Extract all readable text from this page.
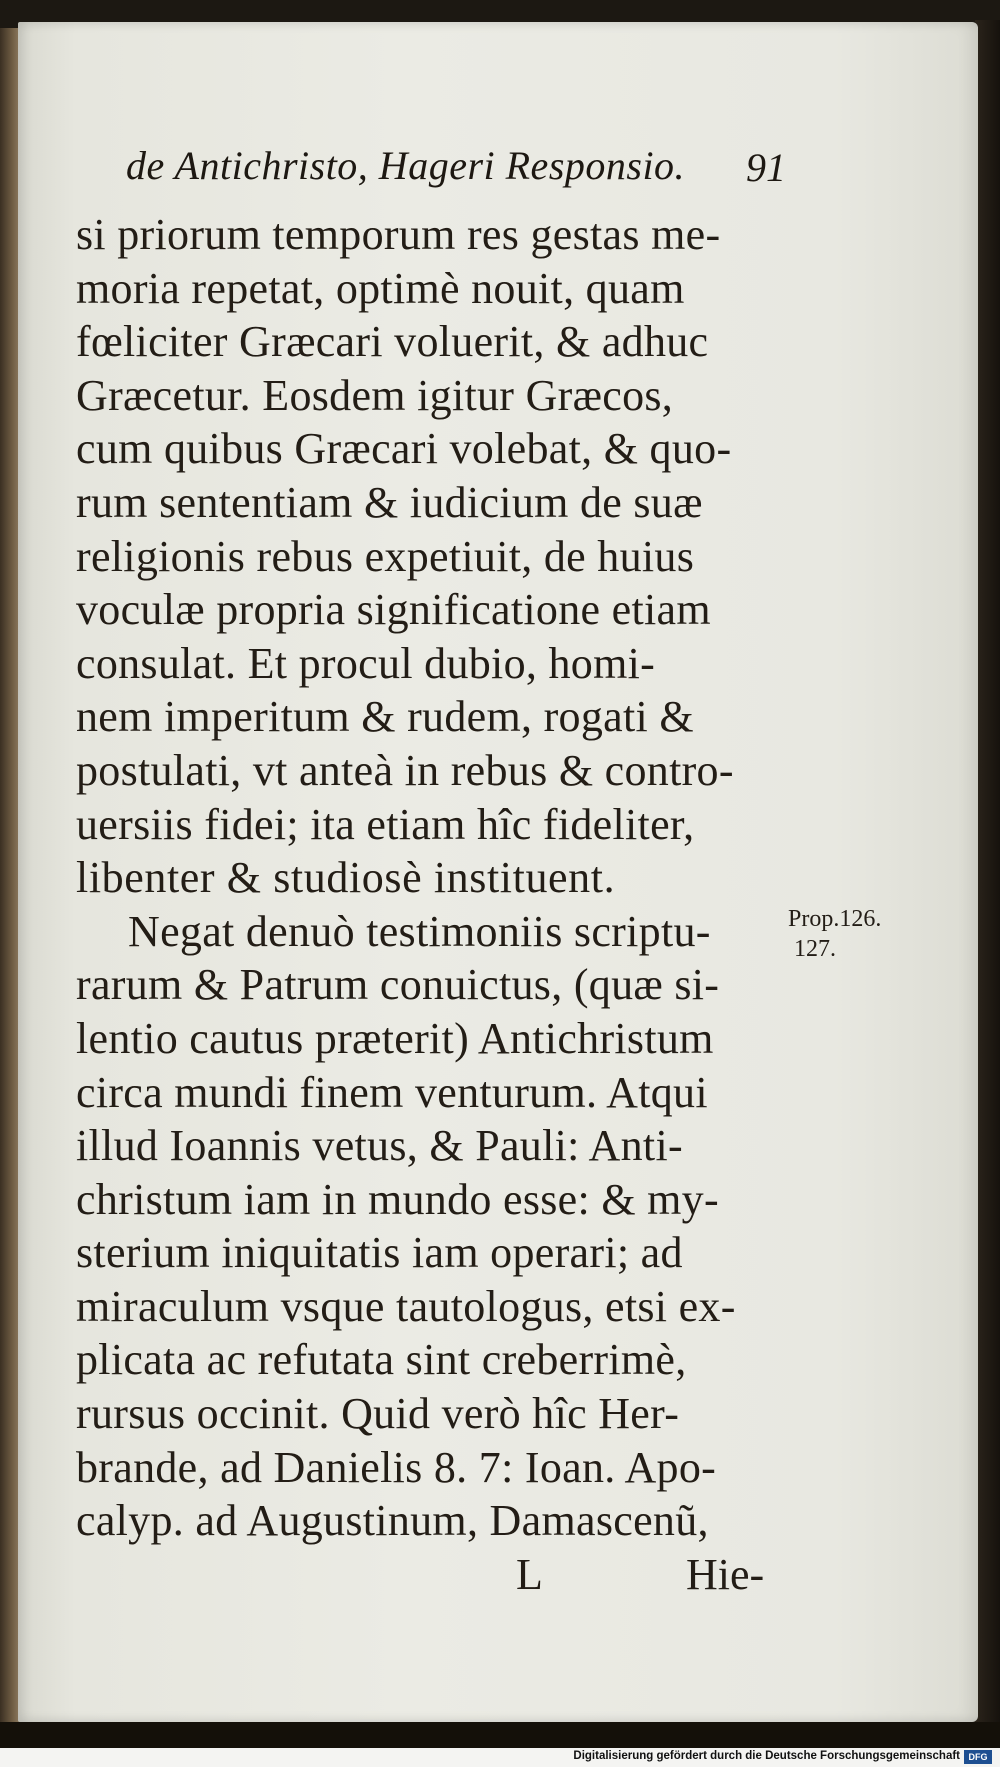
de Antichristo, Hageri Responsio. 91
si priorum temporum res gestas me-
moria repetat, optimè nouit, quam
fœliciter Græcari voluerit, & adhuc
Græcetur. Eosdem igitur Græcos,
cum quibus Græcari volebat, & quo-
rum sententiam & iudicium de suæ
religionis rebus expetiuit, de huius
voculæ propria significatione etiam
consulat. Et procul dubio, homi-
nem imperitum & rudem, rogati &
postulati, vt anteà in rebus & contro-
uersiis fidei; ita etiam hîc fideliter,
libenter & studiosè instituent.
Negat denuò testimoniis scriptu-
rarum & Patrum conuictus, (quæ si-
lentio cautus præterit) Antichristum
circa mundi finem venturum. Atqui
illud Ioannis vetus, & Pauli: Anti-
christum iam in mundo esse: & my-
sterium iniquitatis iam operari; ad
miraculum vsque tautologus, etsi ex-
plicata ac refutata sint creberrimè,
rursus occinit. Quid verò hîc Her-
brande, ad Danielis 8. 7: Ioan. Apo-
calyp. ad Augustinum, Damascenũ,
L	Hie-
Prop.126.
127.
Digitalisierung gefördert durch die Deutsche Forschungsgemeinschaft DFG
